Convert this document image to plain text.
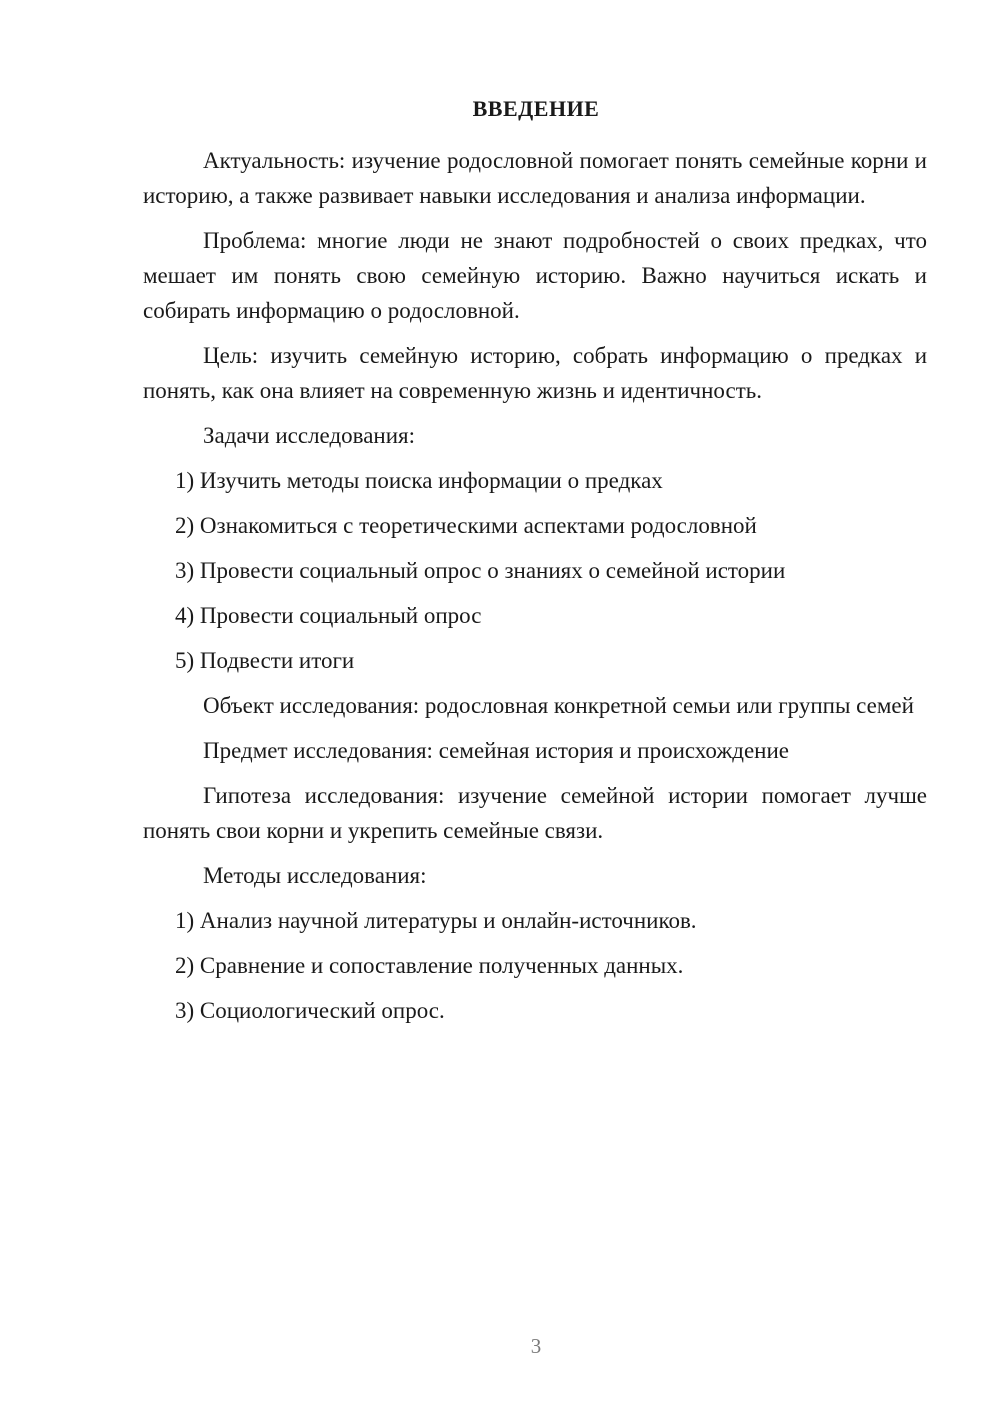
ВВЕДЕНИЕ

Актуальность: изучение родословной помогает понять семейные корни и историю, а также развивает навыки исследования и анализа информации.

Проблема: многие люди не знают подробностей о своих предках, что мешает им понять свою семейную историю. Важно научиться искать и собирать информацию о родословной.

Цель: изучить семейную историю, собрать информацию о предках и понять, как она влияет на современную жизнь и идентичность.

Задачи исследования:

1) Изучить методы поиска информации о предках

2) Ознакомиться с теоретическими аспектами родословной

3) Провести социальный опрос о знаниях о семейной истории

4) Провести социальный опрос

5) Подвести итоги

Объект исследования: родословная конкретной семьи или группы семей

Предмет исследования: семейная история и происхождение

Гипотеза исследования: изучение семейной истории помогает лучше понять свои корни и укрепить семейные связи.

Методы исследования:

1) Анализ научной литературы и онлайн-источников.

2) Сравнение и сопоставление полученных данных.

3) Социологический опрос.

3
